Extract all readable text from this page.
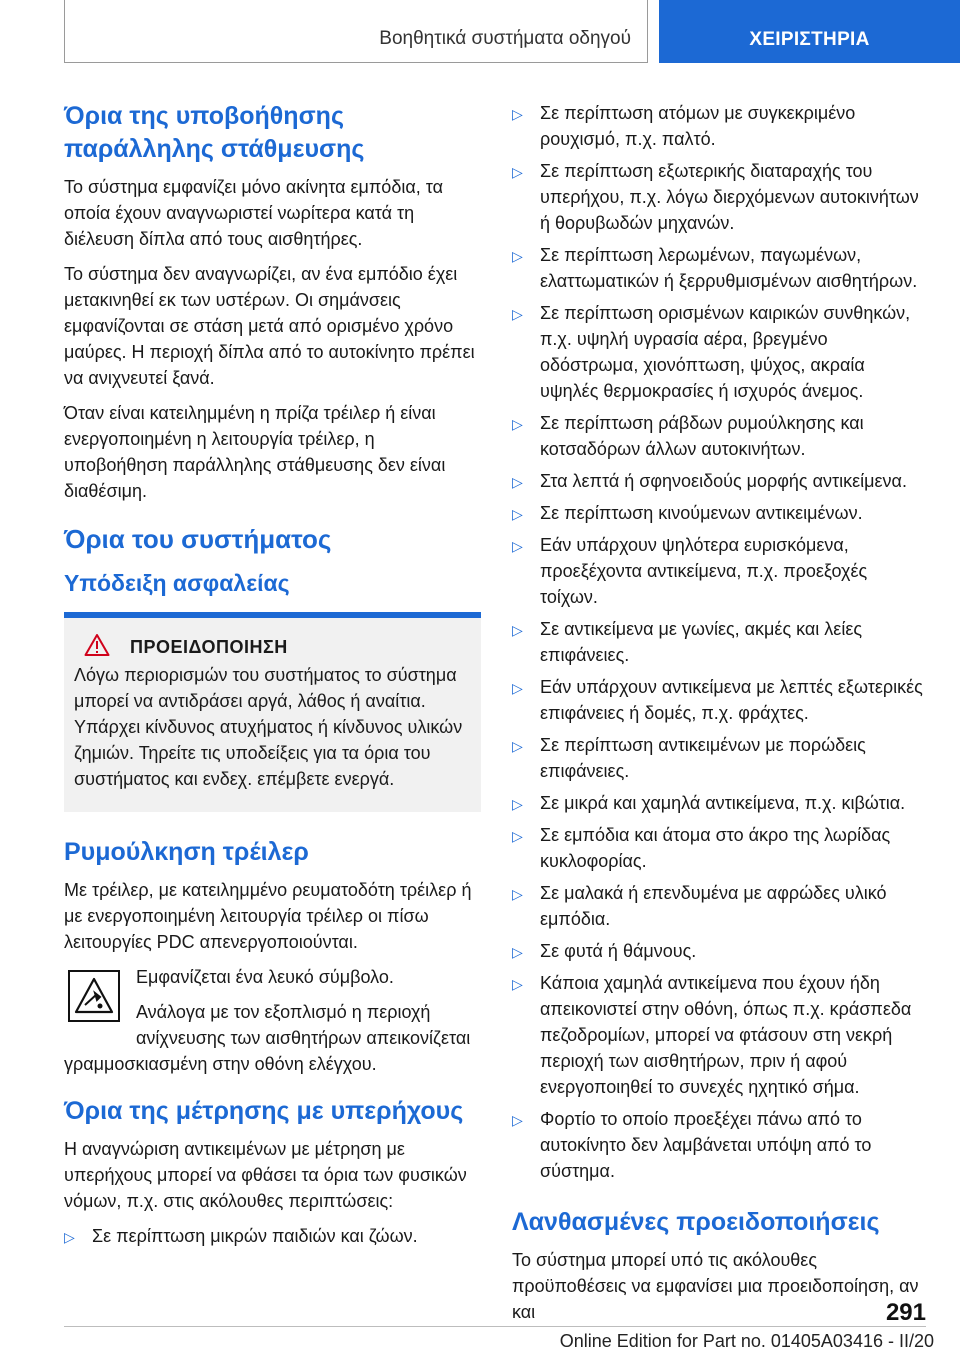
Βοηθητικά συστήματα οδηγού	ΧΕΙΡΙΣΤΗΡΙΑ
Όρια της υποβοήθησης παράλληλης στάθμευσης

Το σύστημα εμφανίζει μόνο ακίνητα εμπόδια, τα οποία έχουν αναγνωριστεί νωρίτερα κατά τη διέλευση δίπλα από τους αισθητήρες.

Το σύστημα δεν αναγνωρίζει, αν ένα εμπόδιο έχει μετακινηθεί εκ των υστέρων. Οι σημάνσεις εμφανίζονται σε στάση μετά από ορισμένο χρόνο μαύρες. Η περιοχή δίπλα από το αυτοκίνητο πρέπει να ανιχνευτεί ξανά.

Όταν είναι κατειλημμένη η πρίζα τρέιλερ ή είναι ενεργοποιημένη η λειτουργία τρέιλερ, η υποβοήθηση παράλληλης στάθμευσης δεν είναι διαθέσιμη.

Όρια του συστήματος
Υπόδειξη ασφαλείας
ΠΡΟΕΙΔΟΠΟΙΗΣΗ

Λόγω περιορισμών του συστήματος το σύστημα μπορεί να αντιδράσει αργά, λάθος ή αναίτια. Υπάρχει κίνδυνος ατυχήματος ή κίνδυνος υλικών ζημιών. Τηρείτε τις υποδείξεις για τα όρια του συστήματος και ενδεχ. επέμβετε ενεργά.

Ρυμούλκηση τρέιλερ

Με τρέιλερ, με κατειλημμένο ρευματοδότη τρέιλερ ή με ενεργοποιημένη λειτουργία τρέιλερ οι πίσω λειτουργίες PDC απενεργοποιούνται.

Εμφανίζεται ένα λευκό σύμβολο.

Ανάλογα με τον εξοπλισμό η περιοχή ανίχνευσης των αισθητήρων απεικονίζεται γραμμοσκιασμένη στην οθόνη ελέγχου.

Όρια της μέτρησης με υπερήχους

Η αναγνώριση αντικειμένων με μέτρηση με υπερήχους μπορεί να φθάσει τα όρια των φυσικών νόμων, π.χ. στις ακόλουθες περιπτώσεις:

▷ Σε περίπτωση μικρών παιδιών και ζώων.
▷ Σε περίπτωση ατόμων με συγκεκριμένο ρουχισμό, π.χ. παλτό.
▷ Σε περίπτωση εξωτερικής διαταραχής του υπερήχου, π.χ. λόγω διερχόμενων αυτοκινήτων ή θορυβωδών μηχανών.
▷ Σε περίπτωση λερωμένων, παγωμένων, ελαττωματικών ή ξερρυθμισμένων αισθητήρων.
▷ Σε περίπτωση ορισμένων καιρικών συνθηκών, π.χ. υψηλή υγρασία αέρα, βρεγμένο οδόστρωμα, χιονόπτωση, ψύχος, ακραία υψηλές θερμοκρασίες ή ισχυρός άνεμος.
▷ Σε περίπτωση ράβδων ρυμούλκησης και κοτσαδόρων άλλων αυτοκινήτων.
▷ Στα λεπτά ή σφηνοειδούς μορφής αντικείμενα.
▷ Σε περίπτωση κινούμενων αντικειμένων.
▷ Εάν υπάρχουν ψηλότερα ευρισκόμενα, προεξέχοντα αντικείμενα, π.χ. προεξοχές τοίχων.
▷ Σε αντικείμενα με γωνίες, ακμές και λείες επιφάνειες.
▷ Εάν υπάρχουν αντικείμενα με λεπτές εξωτερικές επιφάνειες ή δομές, π.χ. φράχτες.
▷ Σε περίπτωση αντικειμένων με πορώδεις επιφάνειες.
▷ Σε μικρά και χαμηλά αντικείμενα, π.χ. κιβώτια.
▷ Σε εμπόδια και άτομα στο άκρο της λωρίδας κυκλοφορίας.
▷ Σε μαλακά ή επενδυμένα με αφρώδες υλικό εμπόδια.
▷ Σε φυτά ή θάμνους.
▷ Κάποια χαμηλά αντικείμενα που έχουν ήδη απεικονιστεί στην οθόνη, όπως π.χ. κράσπεδα πεζοδρομίων, μπορεί να φτάσουν στη νεκρή περιοχή των αισθητήρων, πριν ή αφού ενεργοποιηθεί το συνεχές ηχητικό σήμα.
▷ Φορτίο το οποίο προεξέχει πάνω από το αυτοκίνητο δεν λαμβάνεται υπόψη από το σύστημα.
Λανθασμένες προειδοποιήσεις

Το σύστημα μπορεί υπό τις ακόλουθες προϋποθέσεις να εμφανίσει μια προειδοποίηση, αν και	291
Online Edition for Part no. 01405A03416 - II/20
